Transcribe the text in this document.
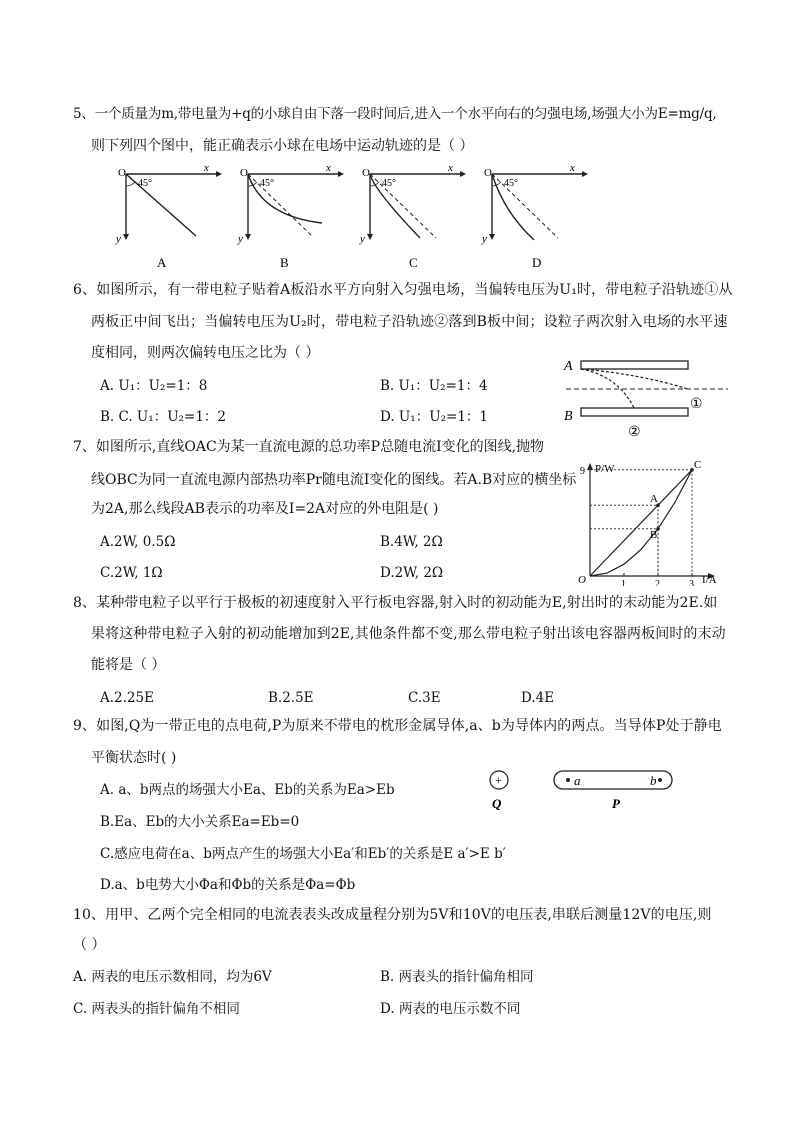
5、一个质量为m,带电量为+q的小球自由下落一段时间后,进入一个水平向右的匀强电场,场强大小为E=mg/q,
则下列四个图中，能正确表示小球在电场中运动轨迹的是（ ）
O	x
y
45°
O	x
y
45°
O	x
y
45°
O	x
y
45°
A	B	C	D
6、如图所示，有一带电粒子贴着A板沿水平方向射入匀强电场，当偏转电压为U₁时，带电粒子沿轨迹①从
两板正中间飞出；当偏转电压为U₂时，带电粒子沿轨迹②落到B板中间；设粒子两次射入电场的水平速
度相同，则两次偏转电压之比为（ ）
A. U₁：U₂=1：8	B. U₁：U₂=1：4
B. C. U₁：U₂=1：2	D. U₁：U₂=1：1
A
B
①
②
7、如图所示,直线OAC为某一直流电源的总功率P总随电流I变化的图线,抛物
线OBC为同一直流电源内部热功率Pr随电流I变化的图线。若A.B对应的横坐标
为2A,那么线段AB表示的功率及I=2A对应的外电阻是( )
A.2W, 0.5Ω	B.4W, 2Ω
C.2W, 1Ω	D.2W, 2Ω
P/W
I/A
O	1	2	3
9
A
B
C
8、某种带电粒子以平行于极板的初速度射入平行板电容器,射入时的初动能为E,射出时的末动能为2E.如
果将这种带电粒子入射的初动能增加到2E,其他条件都不变,那么带电粒子射出该电容器两板间时的末动
能将是（ ）
A.2.25E	B.2.5E	C.3E	D.4E
9、如图,Q为一带正电的点电荷,P为原来不带电的枕形金属导体,a、b为导体内的两点。当导体P处于静电
平衡状态时( )
A. a、b两点的场强大小Ea、Eb的关系为Ea>Eb
B.Ea、Eb的大小关系Ea=Eb=0
C.感应电荷在a、b两点产生的场强大小Ea′和Eb′的关系是E a′>E b′
D.a、b电势大小Φa和Φb的关系是Φa=Φb
+
Q
a	b
P
10、用甲、乙两个完全相同的电流表表头改成量程分别为5V和10V的电压表,串联后测量12V的电压,则
（ ）
A. 两表的电压示数相同，均为6V	B. 两表头的指针偏角相同
C. 两表头的指针偏角不相同	D. 两表的电压示数不同
